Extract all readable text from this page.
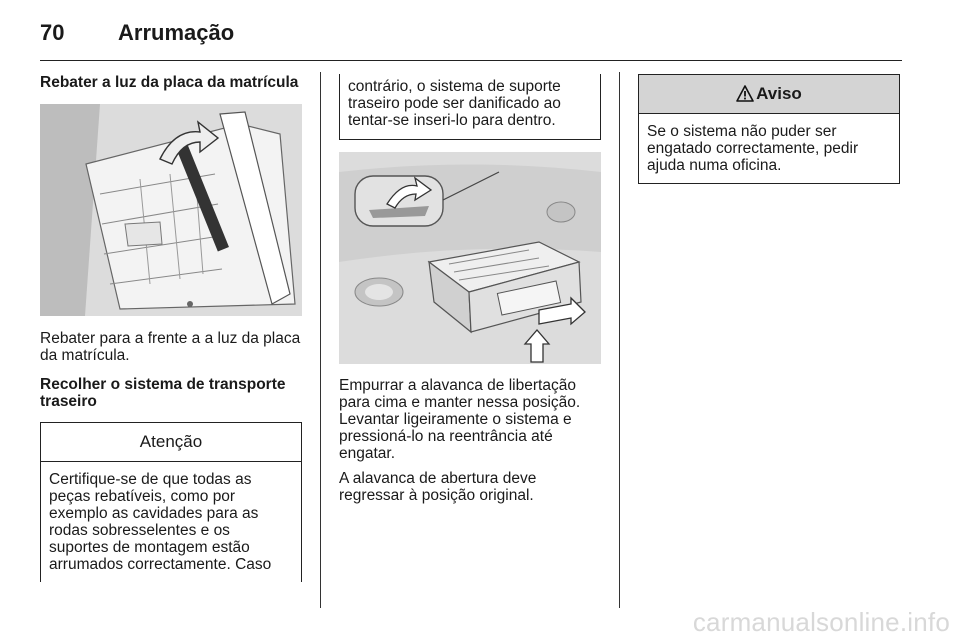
70 Arrumação

Rebater a luz da placa da matrícula

Rebater para a frente a a luz da placa da matrícula.

Recolher o sistema de transporte traseiro

Atenção
Certifique-se de que todas as peças rebatíveis, como por exemplo as cavidades para as rodas sobresselentes e os suportes de montagem estão arrumados correctamente. Caso
contrário, o sistema de suporte traseiro pode ser danificado ao tentar-se inseri-lo para dentro.

Empurrar a alavanca de libertação para cima e manter nessa posição. Levantar ligeiramente o sistema e pressioná-lo na reentrância até engatar.

A alavanca de abertura deve regressar à posição original.

Aviso
Se o sistema não puder ser engatado correctamente, pedir ajuda numa oficina.
carmanualsonline.info
